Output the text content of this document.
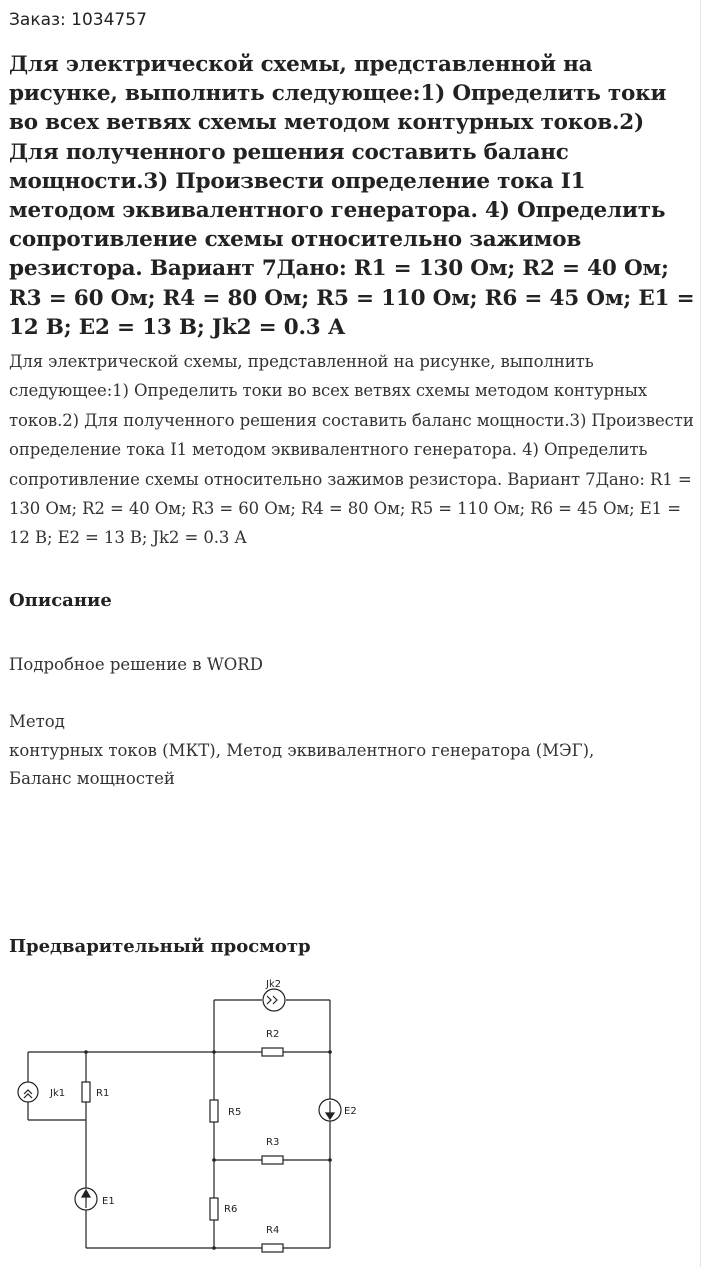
Заказ: 1034757
Для электрической схемы, представленной на рисунке, выполнить следующее:1) Определить токи во всех ветвях схемы методом контурных токов.2) Для полученного решения составить баланс мощности.3) Произвести определение тока I1 методом эквивалентного генератора. 4) Определить сопротивление схемы относительно зажимов резистора. Вариант 7Дано: R1 = 130 Ом; R2 = 40 Ом; R3 = 60 Ом; R4 = 80 Ом; R5 = 110 Ом; R6 = 45 Ом; E1 = 12 В; E2 = 13 В; Jk2 = 0.3 А

Для электрической схемы, представленной на рисунке, выполнить следующее:1) Определить токи во всех ветвях схемы методом контурных токов.2) Для полученного решения составить баланс мощности.3) Произвести определение тока I1 методом эквивалентного генератора. 4) Определить сопротивление схемы относительно зажимов резистора. Вариант 7Дано: R1 = 130 Ом; R2 = 40 Ом; R3 = 60 Ом; R4 = 80 Ом; R5 = 110 Ом; R6 = 45 Ом; E1 = 12 В; E2 = 13 В; Jk2 = 0.3 А

Описание

Подробное решение в WORD

Метод

контурных токов (МКТ), Метод эквивалентного генератора (МЭГ),

Баланс мощностей

Предварительный просмотр
Jk2
R2
Jk1	R1
R5	E2
R3
E1
R6
R4
